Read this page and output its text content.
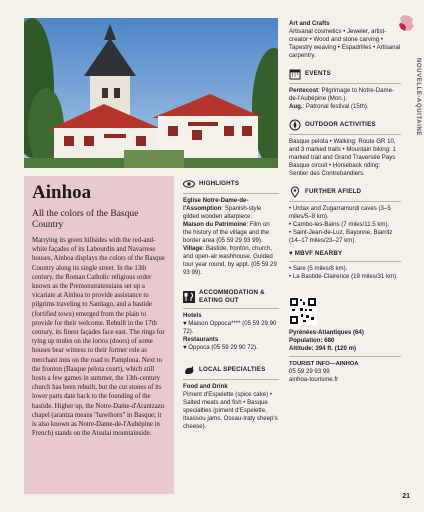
Ainhoa
All the colors of the Basque Country
Marrying its green hillsides with the red-and-white façades of its Labourdin and Navarrese houses, Ainhoa displays the colors of the Basque Country along its single street. In the 13th century, the Roman Catholic religious order known as the Premonstratensians set up a vicariate at Ainhoa to provide assistance to pilgrims traveling to Santiago, and a bastide (fortified town) emerged from the plain to provide for their welcome. Rebuilt in the 17th century, its finest façades face east. The rings for tying up mules on the lorios (doors) of some houses bear witness to their former role as merchant inns on the road to Pamplona. Next to the fronton (Basque pelota court), which still hosts a few games in summer, the 13th-century church has been rebuilt, but the cut stones of its lower parts date back to the founding of the bastide. Higher up, the Notre-Dame-d'Arantzazu chapel (arantza means "hawthorn" in Basque; it is also known as Notre-Dame-de-l'Aubépine in French) stands on the Atsulai mountainside.
HIGHLIGHTS

Eglise Notre-Dame-de-l'Assomption: Spanish-style gilded wooden altarpiece.

Maison du Patrimoine: Film on the history of the village and the border area (05 59 29 93 99).

Village: Bastide, fronton, church, and open-air washhouse. Guided tour year round, by appt. (05 59 29 93 99).

ACCOMMODATION & EATING OUT

Hotels

♥ Maison Oppoca**** (05 59 29 90 72).

Restaurants

♥ Oppoca (05 59 29 90 72).

LOCAL SPECIALTIES

Food and Drink

Piment d'Espelette (spice cake) • Salted meats and fish • Basque specialties (piment d'Espelette, Itxassou jams, Ossau-Iraty sheep's cheese).

Art and Crafts

Artisanal cosmetics • Jeweler, artist-creator • Wood and stone carving • Tapestry weaving • Espadrilles • Artisanal carpentry.

EVENTS

Pentecost: Pilgrimage to Notre-Dame-de-l'Aubépine (Mon.).

Aug.: Patronal festival (15th).

OUTDOOR ACTIVITIES

Basque pelota • Walking: Route GR 10, and 3 marked trails • Mountain biking: 1 marked trail and Grand Traversée Pays Basque circuit • Horseback riding: Sentier des Contrebandiers.

FURTHER AFIELD

• Urdax and Zugarramurdi caves (3–5 miles/5–8 km).

• Cambo-les-Bains (7 miles/11.5 km).

• Saint-Jean-de-Luz, Bayonne, Biarritz (14–17 miles/23–27 km).

♥ MBVF NEARBY

• Sare (5 miles/8 km).

• La Bastide-Clairence (19 miles/31 km).

Pyrénées-Atlantiques (64)

Population: 680

Altitude: 394 ft. (120 m)

TOURIST INFO—AINHOA

05 59 29 93 99

ainhoa-tourisme.fr

NOUVELLE-AQUITAINE
21
